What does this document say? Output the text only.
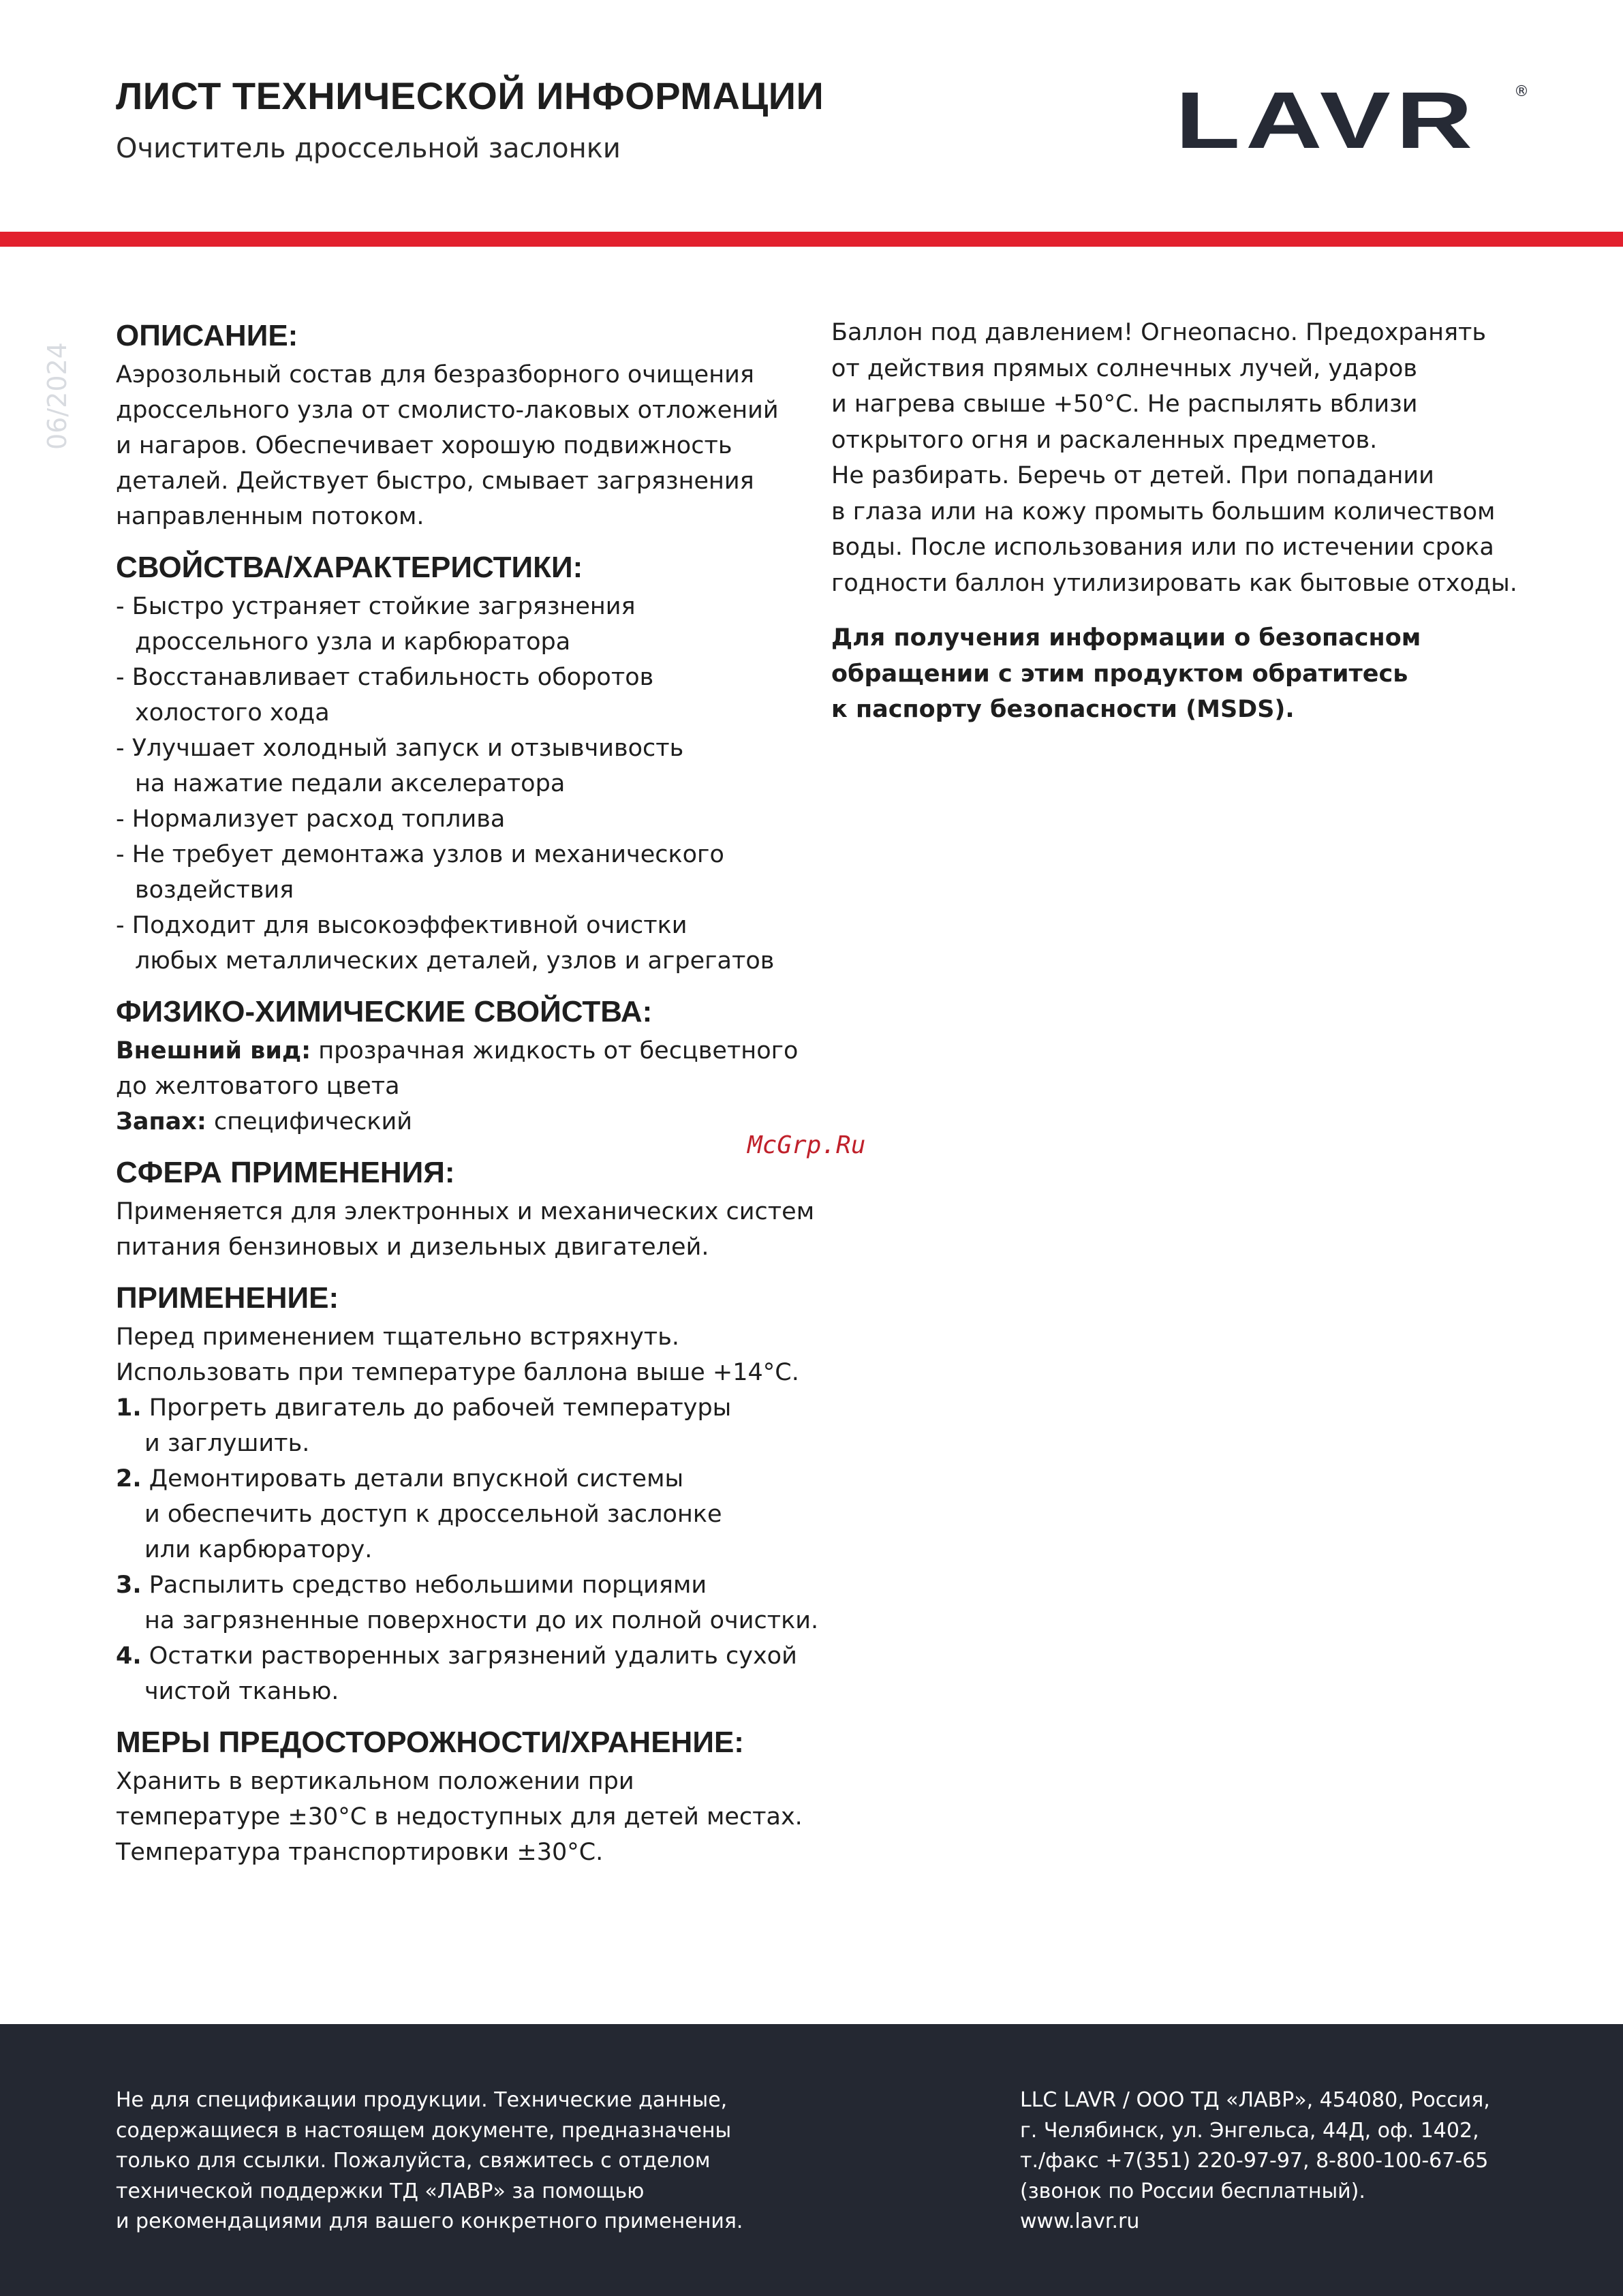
ЛИСТ ТЕХНИЧЕСКОЙ ИНФОРМАЦИИ
Очиститель дроссельной заслонки	LAVR ®
06/2024
ОПИСАНИЕ:
Аэрозольный состав для безразборного очищения
дроссельного узла от смолисто-лаковых отложений
и нагаров. Обеспечивает хорошую подвижность
деталей. Действует быстро, смывает загрязнения
направленным потоком.
СВОЙСТВА/ХАРАКТЕРИСТИКИ:
- Быстро устраняет стойкие загрязнения
дроссельного узла и карбюратора
- Восстанавливает стабильность оборотов
холостого хода
- Улучшает холодный запуск и отзывчивость
на нажатие педали акселератора
- Нормализует расход топлива
- Не требует демонтажа узлов и механического
воздействия
- Подходит для высокоэффективной очистки
любых металлических деталей, узлов и агрегатов
ФИЗИКО-ХИМИЧЕСКИЕ СВОЙСТВА:
Внешний вид: прозрачная жидкость от бесцветного
до желтоватого цвета
Запах: специфический
СФЕРА ПРИМЕНЕНИЯ:
Применяется для электронных и механических систем
питания бензиновых и дизельных двигателей.
ПРИМЕНЕНИЕ:
Перед применением тщательно встряхнуть.
Использовать при температуре баллона выше +14°С.
1. Прогреть двигатель до рабочей температуры
и заглушить.
2. Демонтировать детали впускной системы
и обеспечить доступ к дроссельной заслонке
или карбюратору.
3. Распылить средство небольшими порциями
на загрязненные поверхности до их полной очистки.
4. Остатки растворенных загрязнений удалить сухой
чистой тканью.
МЕРЫ ПРЕДОСТОРОЖНОСТИ/ХРАНЕНИЕ:
Хранить в вертикальном положении при
температуре ±30°С в недоступных для детей местах.
Температура транспортировки ±30°С.
Баллон под давлением! Огнеопасно. Предохранять
от действия прямых солнечных лучей, ударов
и нагрева свыше +50°С. Не распылять вблизи
открытого огня и раскаленных предметов.
Не разбирать. Беречь от детей. При попадании
в глаза или на кожу промыть большим количеством
воды. После использования или по истечении срока
годности баллон утилизировать как бытовые отходы.
Для получения информации о безопасном
обращении с этим продуктом обратитесь
к паспорту безопасности (MSDS).
McGrp.Ru
Не для спецификации продукции. Технические данные,
содержащиеся в настоящем документе, предназначены
только для ссылки. Пожалуйста, свяжитесь с отделом
технической поддержки ТД «ЛАВР» за помощью
и рекомендациями для вашего конкретного применения.
LLC LAVR / ООО ТД «ЛАВР», 454080, Россия,
г. Челябинск, ул. Энгельса, 44Д, оф. 1402,
т./факс +7(351) 220-97-97, 8-800-100-67-65
(звонок по России бесплатный).
www.lavr.ru
